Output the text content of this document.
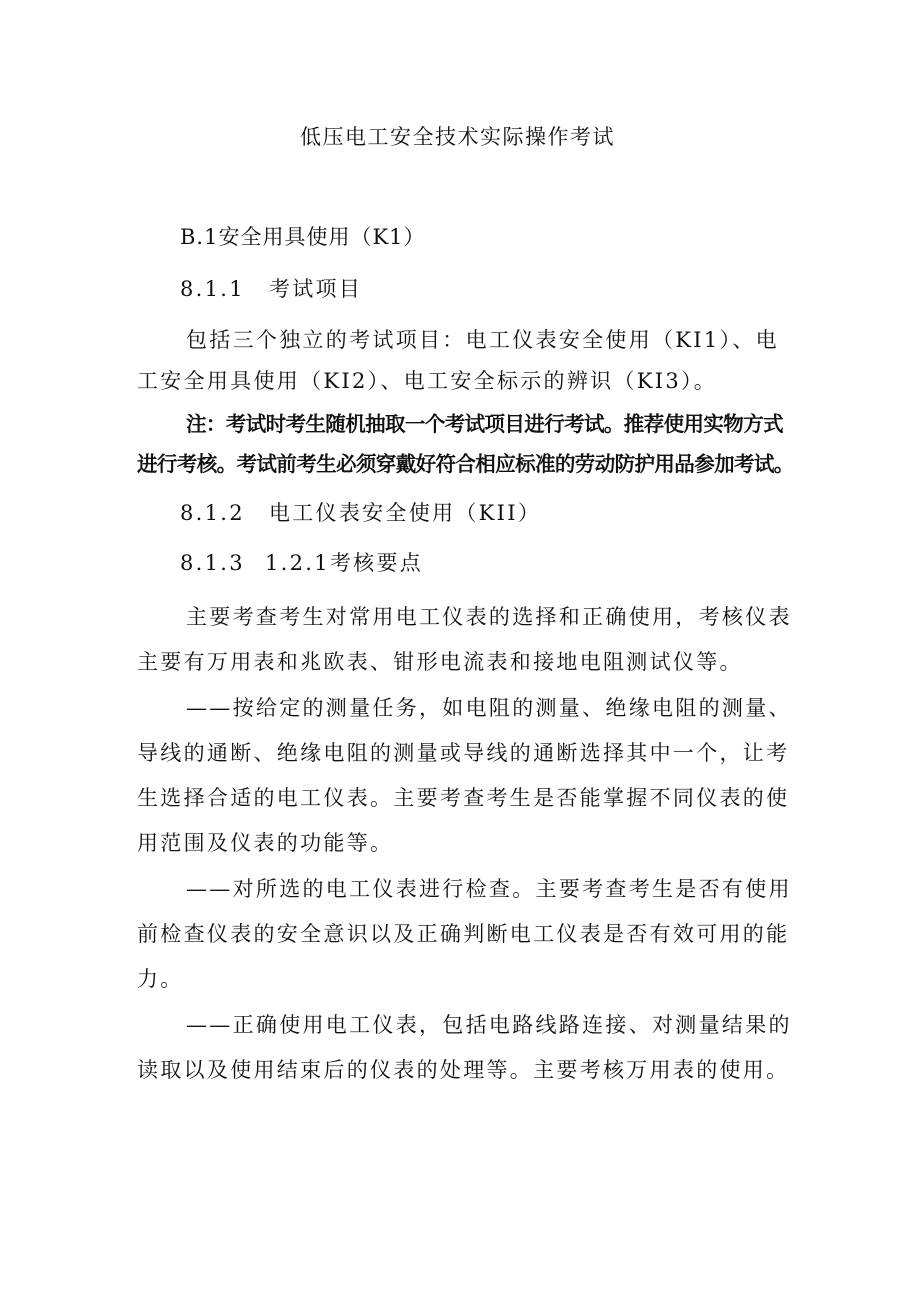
低压电工安全技术实际操作考试
B.1安全用具使用（K1）
8.1.1 考试项目
包括三个独立的考试项目：电工仪表安全使用（KI1）、电
工安全用具使用（KI2）、电工安全标示的辨识（KI3）。
注：考试时考生随机抽取一个考试项目进行考试。推荐使用实物方式
进行考核。考试前考生必须穿戴好符合相应标准的劳动防护用品参加考试。
8.1.2 电工仪表安全使用（KII）
8.1.3 1.2.1考核要点
主要考查考生对常用电工仪表的选择和正确使用，考核仪表
主要有万用表和兆欧表、钳形电流表和接地电阻测试仪等。
——按给定的测量任务，如电阻的测量、绝缘电阻的测量、
导线的通断、绝缘电阻的测量或导线的通断选择其中一个，让考
生选择合适的电工仪表。主要考查考生是否能掌握不同仪表的使
用范围及仪表的功能等。
——对所选的电工仪表进行检查。主要考查考生是否有使用
前检查仪表的安全意识以及正确判断电工仪表是否有效可用的能
力。
——正确使用电工仪表，包括电路线路连接、对测量结果的
读取以及使用结束后的仪表的处理等。主要考核万用表的使用。
